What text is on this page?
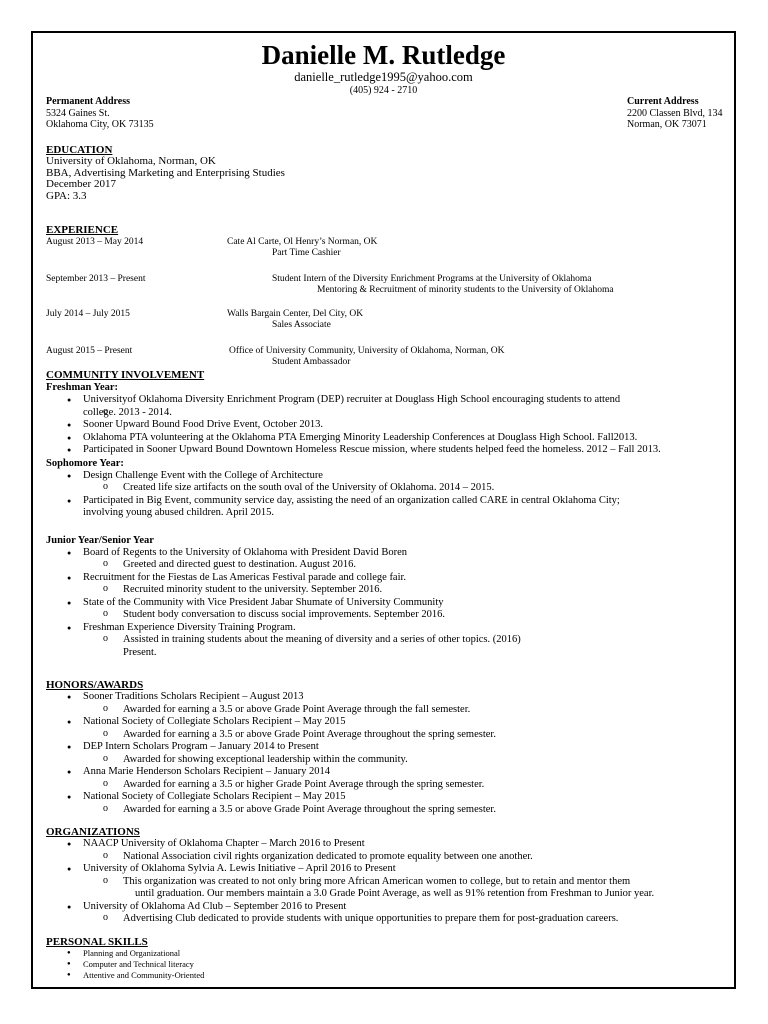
Danielle M. Rutledge
danielle_rutledge1995@yahoo.com
(405) 924 - 2710
Permanent Address
5324 Gaines St.
Oklahoma City, OK 73135
Current Address
2200 Classen Blvd, 134
Norman, OK 73071
EDUCATION
University of Oklahoma, Norman, OK
BBA, Advertising Marketing and Enterprising Studies
December 2017
GPA: 3.3
EXPERIENCE
August 2013 – May 2014	Cate Al Carte, Ol Henry’s Norman, OK
Part Time Cashier
September 2013 – Present	Student Intern of the Diversity Enrichment Programs at the University of Oklahoma
Mentoring & Recruitment of minority students to the University of Oklahoma
July 2014 – July 2015	Walls Bargain Center, Del City, OK
Sales Associate
August 2015 – Present	Office of University Community, University of Oklahoma, Norman, OK
Student Ambassador
COMMUNITY INVOLVEMENT
Freshman Year:
● Universityof Oklahoma Diversity Enrichment Program (DEP) recruiter at Douglass High School encouraging students to attend
o college. 2013 - 2014.
● Sooner Upward Bound Food Drive Event, October 2013.
● Oklahoma PTA volunteering at the Oklahoma PTA Emerging Minority Leadership Conferences at Douglass High School. Fall2013.
● Participated in Sooner Upward Bound Downtown Homeless Rescue mission, where students helped feed the homeless. 2012 – Fall 2013.
Sophomore Year:
● Design Challenge Event with the College of Architecture
o Created life size artifacts on the south oval of the University of Oklahoma. 2014 – 2015.
● Participated in Big Event, community service day, assisting the need of an organization called CARE in central Oklahoma City;
involving young abused children. April 2015.
Junior Year/Senior Year
● Board of Regents to the University of Oklahoma with President David Boren
o Greeted and directed guest to destination. August 2016.
● Recruitment for the Fiestas de Las Americas Festival parade and college fair.
o Recruited minority student to the university. September 2016.
● State of the Community with Vice President Jabar Shumate of University Community
o Student body conversation to discuss social improvements. September 2016.
● Freshman Experience Diversity Training Program.
o Assisted in training students about the meaning of diversity and a series of other topics. (2016)
Present.
HONORS/AWARDS
● Sooner Traditions Scholars Recipient – August 2013
o Awarded for earning a 3.5 or above Grade Point Average through the fall semester.
● National Society of Collegiate Scholars Recipient – May 2015
o Awarded for earning a 3.5 or above Grade Point Average throughout the spring semester.
● DEP Intern Scholars Program – January 2014 to Present
o Awarded for showing exceptional leadership within the community.
● Anna Marie Henderson Scholars Recipient – January 2014
o Awarded for earning a 3.5 or higher Grade Point Average through the spring semester.
● National Society of Collegiate Scholars Recipient – May 2015
o Awarded for earning a 3.5 or above Grade Point Average throughout the spring semester.
ORGANIZATIONS
● NAACP University of Oklahoma Chapter – March 2016 to Present
o National Association civil rights organization dedicated to promote equality between one another.
● University of Oklahoma Sylvia A. Lewis Initiative – April 2016 to Present
o This organization was created to not only bring more African American women to college, but to retain and mentor them
until graduation. Our members maintain a 3.0 Grade Point Average, as well as 91% retention from Freshman to Junior year.
● University of Oklahoma Ad Club – September 2016 to Present
o Advertising Club dedicated to provide students with unique opportunities to prepare them for post-graduation careers.
PERSONAL SKILLS
● Planning and Organizational
● Computer and Technical literacy
● Attentive and Community-Oriented
